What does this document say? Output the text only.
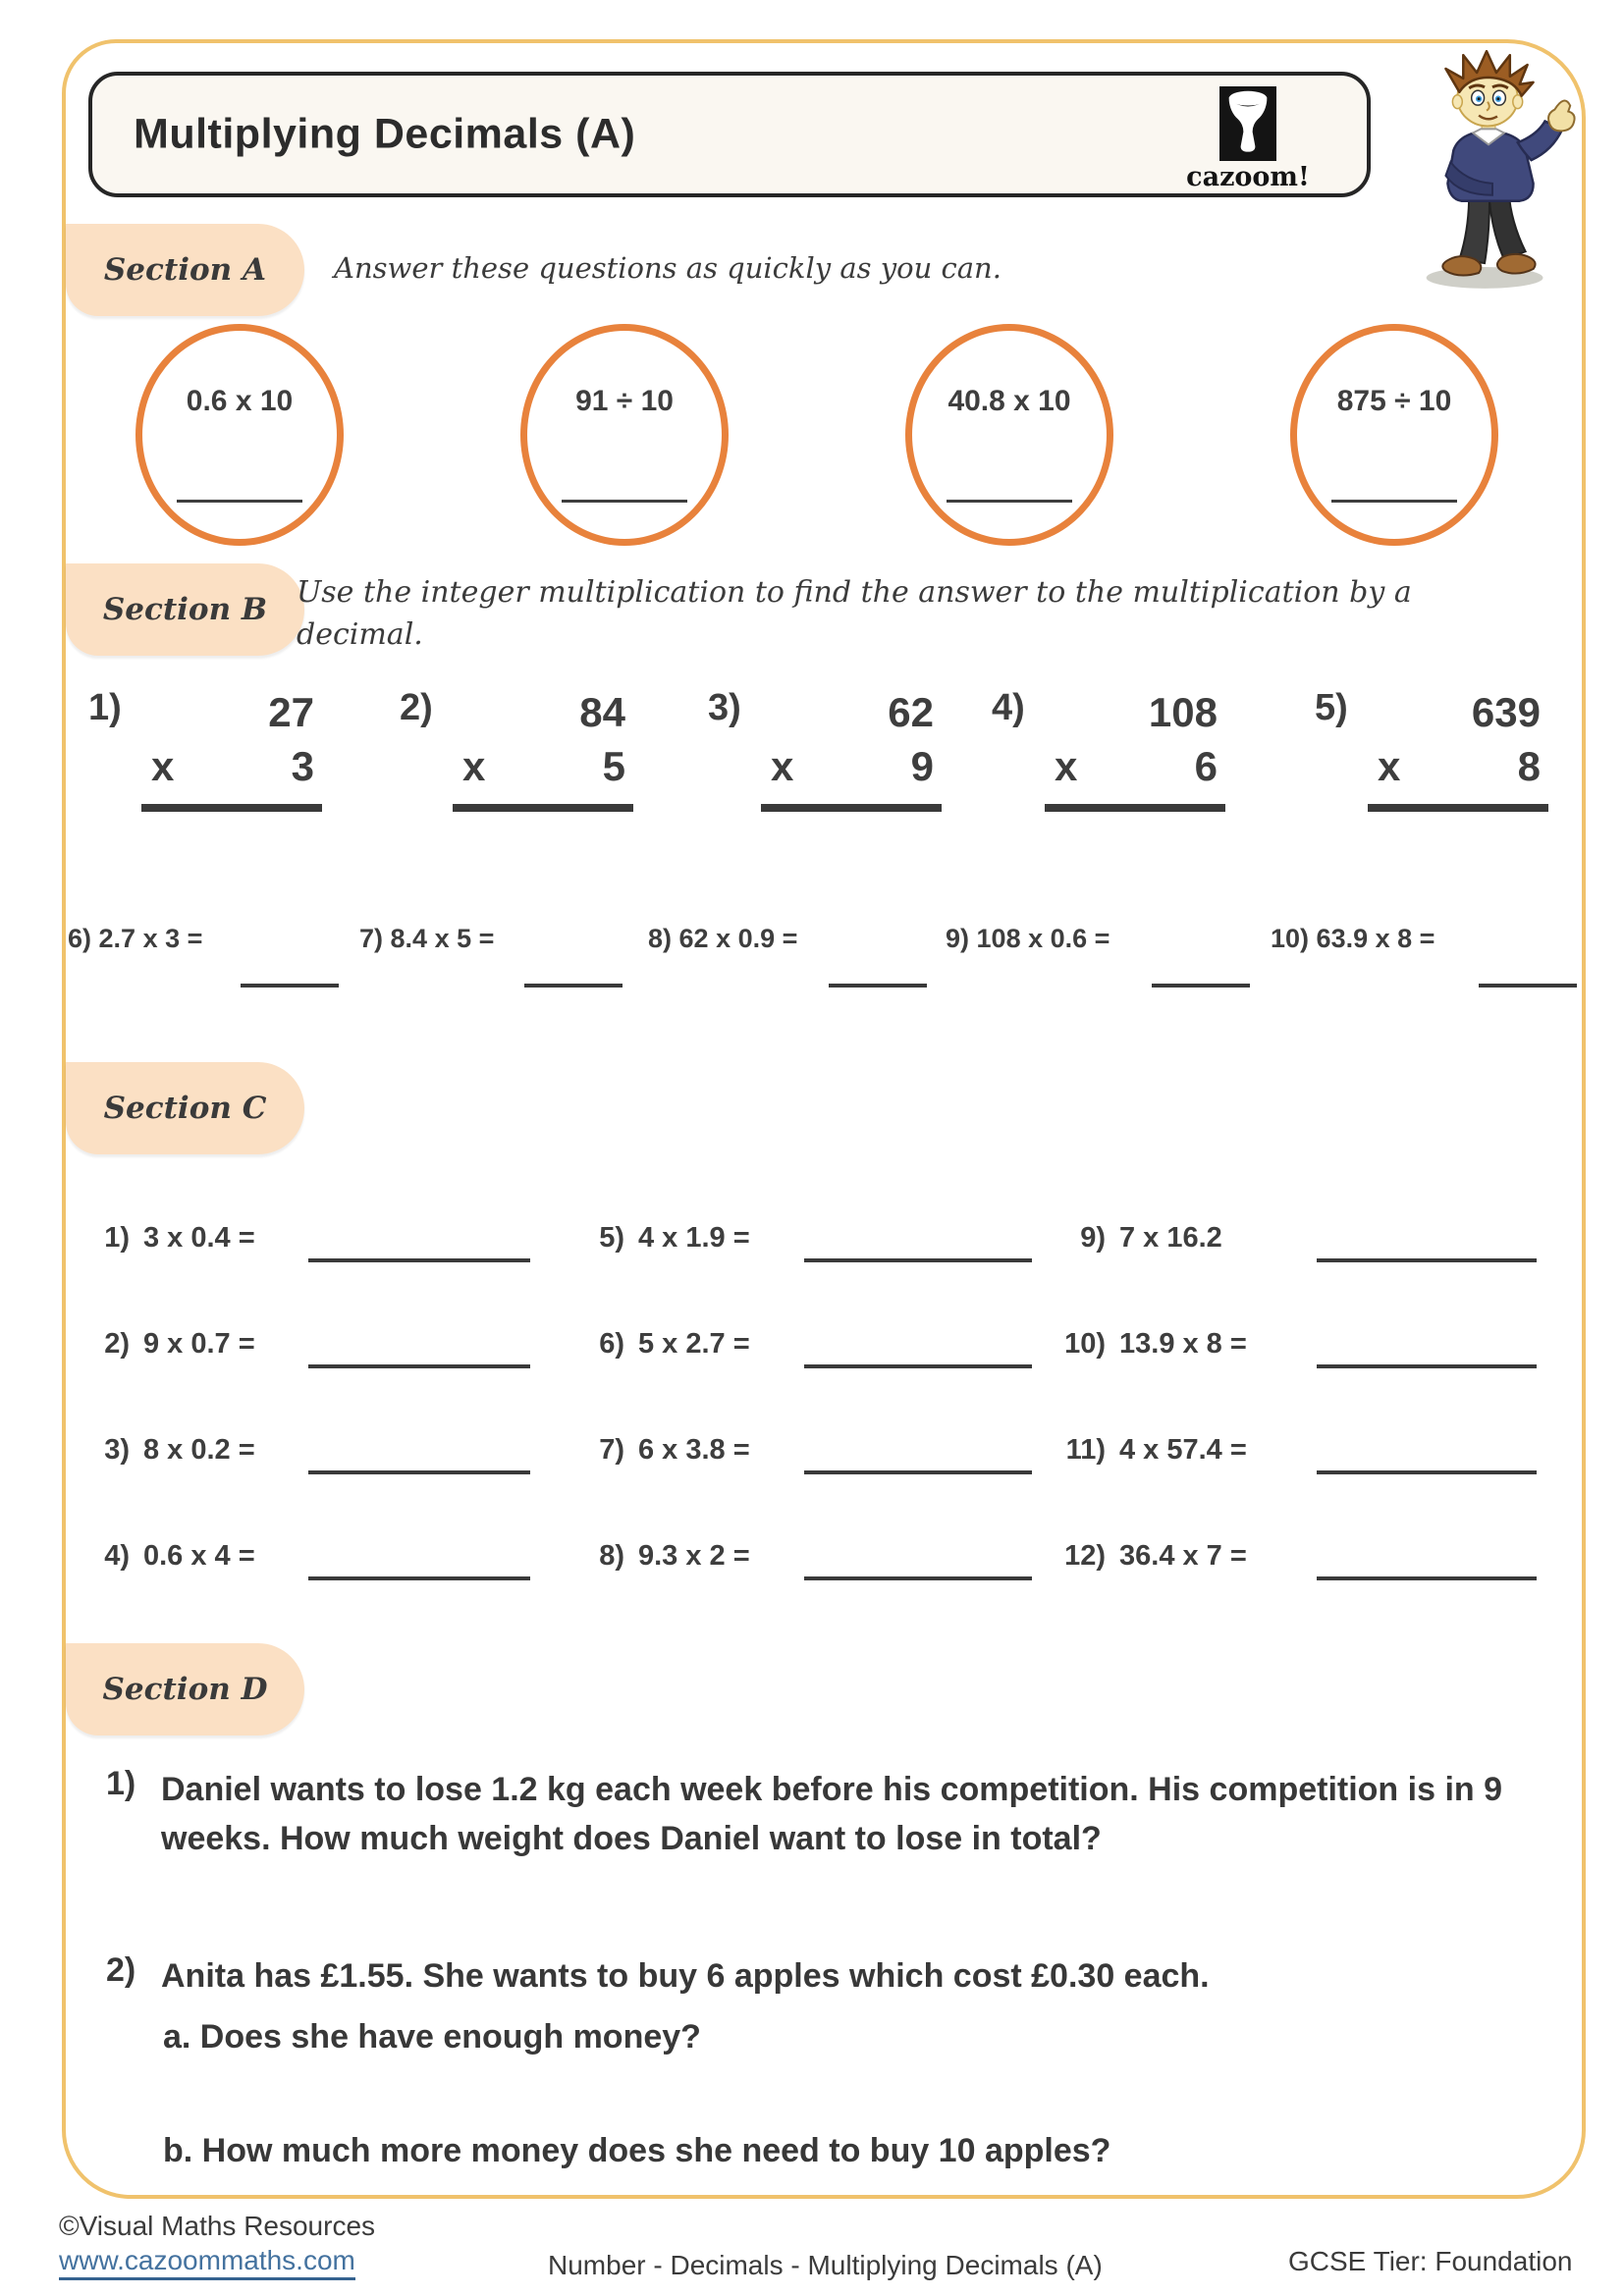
Multiplying Decimals (A)
cazoom!
Section A	Answer these questions as quickly as you can.
0.6 x 10	91 ÷ 10	40.8 x 10	875 ÷ 10
Section B Use the integer multiplication to find the answer to the multiplication by a decimal.
1)	27
x	3
2)	84
x	5
3)	62
x	9
4)	108
x	6
5)	639
x	8
6) 2.7 x 3 =	7) 8.4 x 5 =	8) 62 x 0.9 =	9) 108 x 0.6 =	10) 63.9 x 8 =
Section C
1) 3 x 0.4 =	5) 4 x 1.9 =	9) 7 x 16.2
2) 9 x 0.7 =	6) 5 x 2.7 =	10) 13.9 x 8 =
3) 8 x 0.2 =	7) 6 x 3.8 =	11) 4 x 57.4 =
4) 0.6 x 4 =	8) 9.3 x 2 =	12) 36.4 x 7 =
Section D
1) Daniel wants to lose 1.2 kg each week before his competition. His competition is in 9 weeks. How much weight does Daniel want to lose in total?
2) Anita has £1.55. She wants to buy 6 apples which cost £0.30 each.
a. Does she have enough money?
b. How much more money does she need to buy 10 apples?
©Visual Maths Resources
www.cazoommaths.com	Number - Decimals - Multiplying Decimals (A)	GCSE Tier: Foundation
